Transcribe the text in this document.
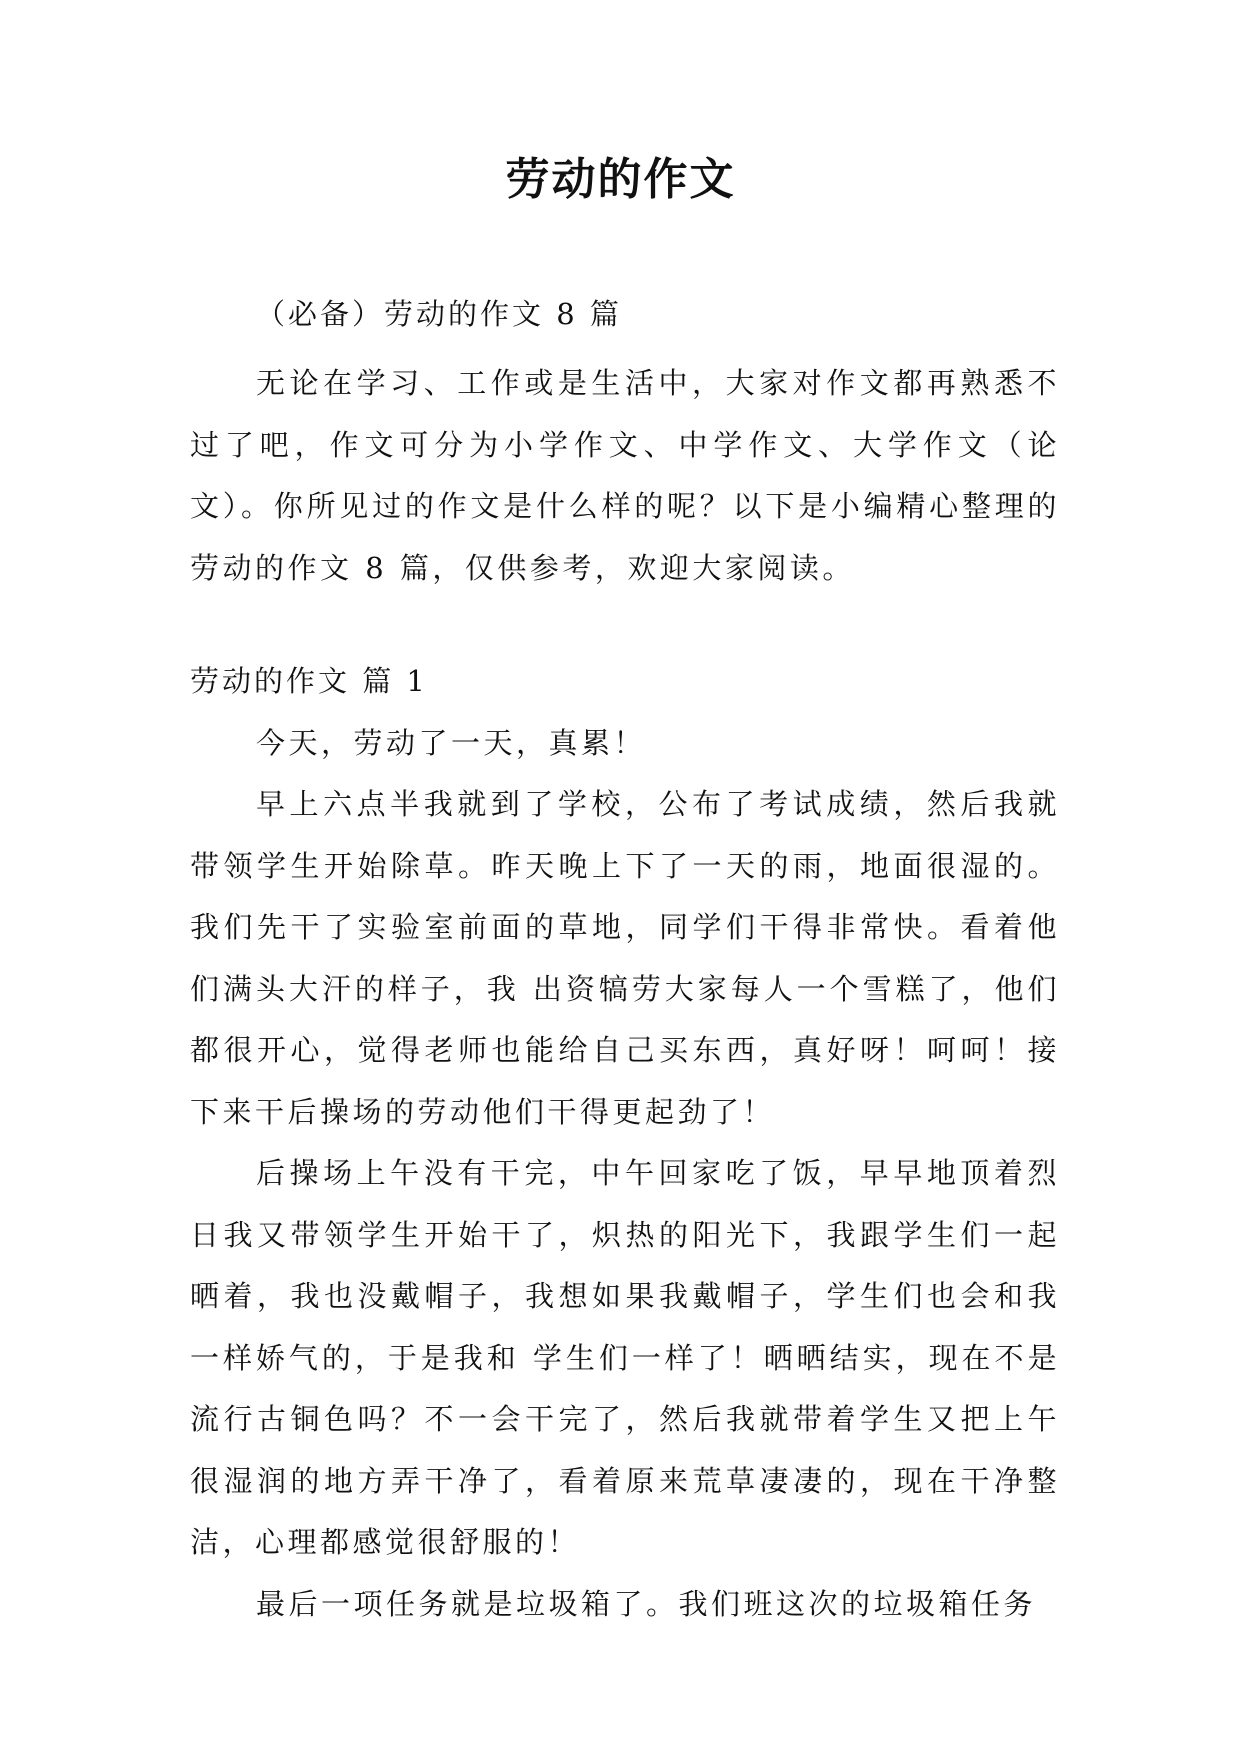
劳动的作文
（必备）劳动的作文 8 篇

无论在学习、工作或是生活中，大家对作文都再熟悉不过了吧，作文可分为小学作文、中学作文、大学作文（论文）。你所见过的作文是什么样的呢？以下是小编精心整理的劳动的作文 8 篇，仅供参考，欢迎大家阅读。

劳动的作文 篇 1

今天，劳动了一天，真累！

早上六点半我就到了学校，公布了考试成绩，然后我就带领学生开始除草。昨天晚上下了一天的雨，地面很湿的。我们先干了实验室前面的草地，同学们干得非常快。看着他们满头大汗的样子，我 出资犒劳大家每人一个雪糕了，他们都很开心，觉得老师也能给自己买东西，真好呀！呵呵！接下来干后操场的劳动他们干得更起劲了！

后操场上午没有干完，中午回家吃了饭，早早地顶着烈日我又带领学生开始干了，炽热的阳光下，我跟学生们一起晒着，我也没戴帽子，我想如果我戴帽子，学生们也会和我一样娇气的，于是我和 学生们一样了！晒晒结实，现在不是流行古铜色吗？不一会干完了，然后我就带着学生又把上午很湿润的地方弄干净了，看着原来荒草凄凄的，现在干净整洁，心理都感觉很舒服的！

最后一项任务就是垃圾箱了。我们班这次的垃圾箱任务
